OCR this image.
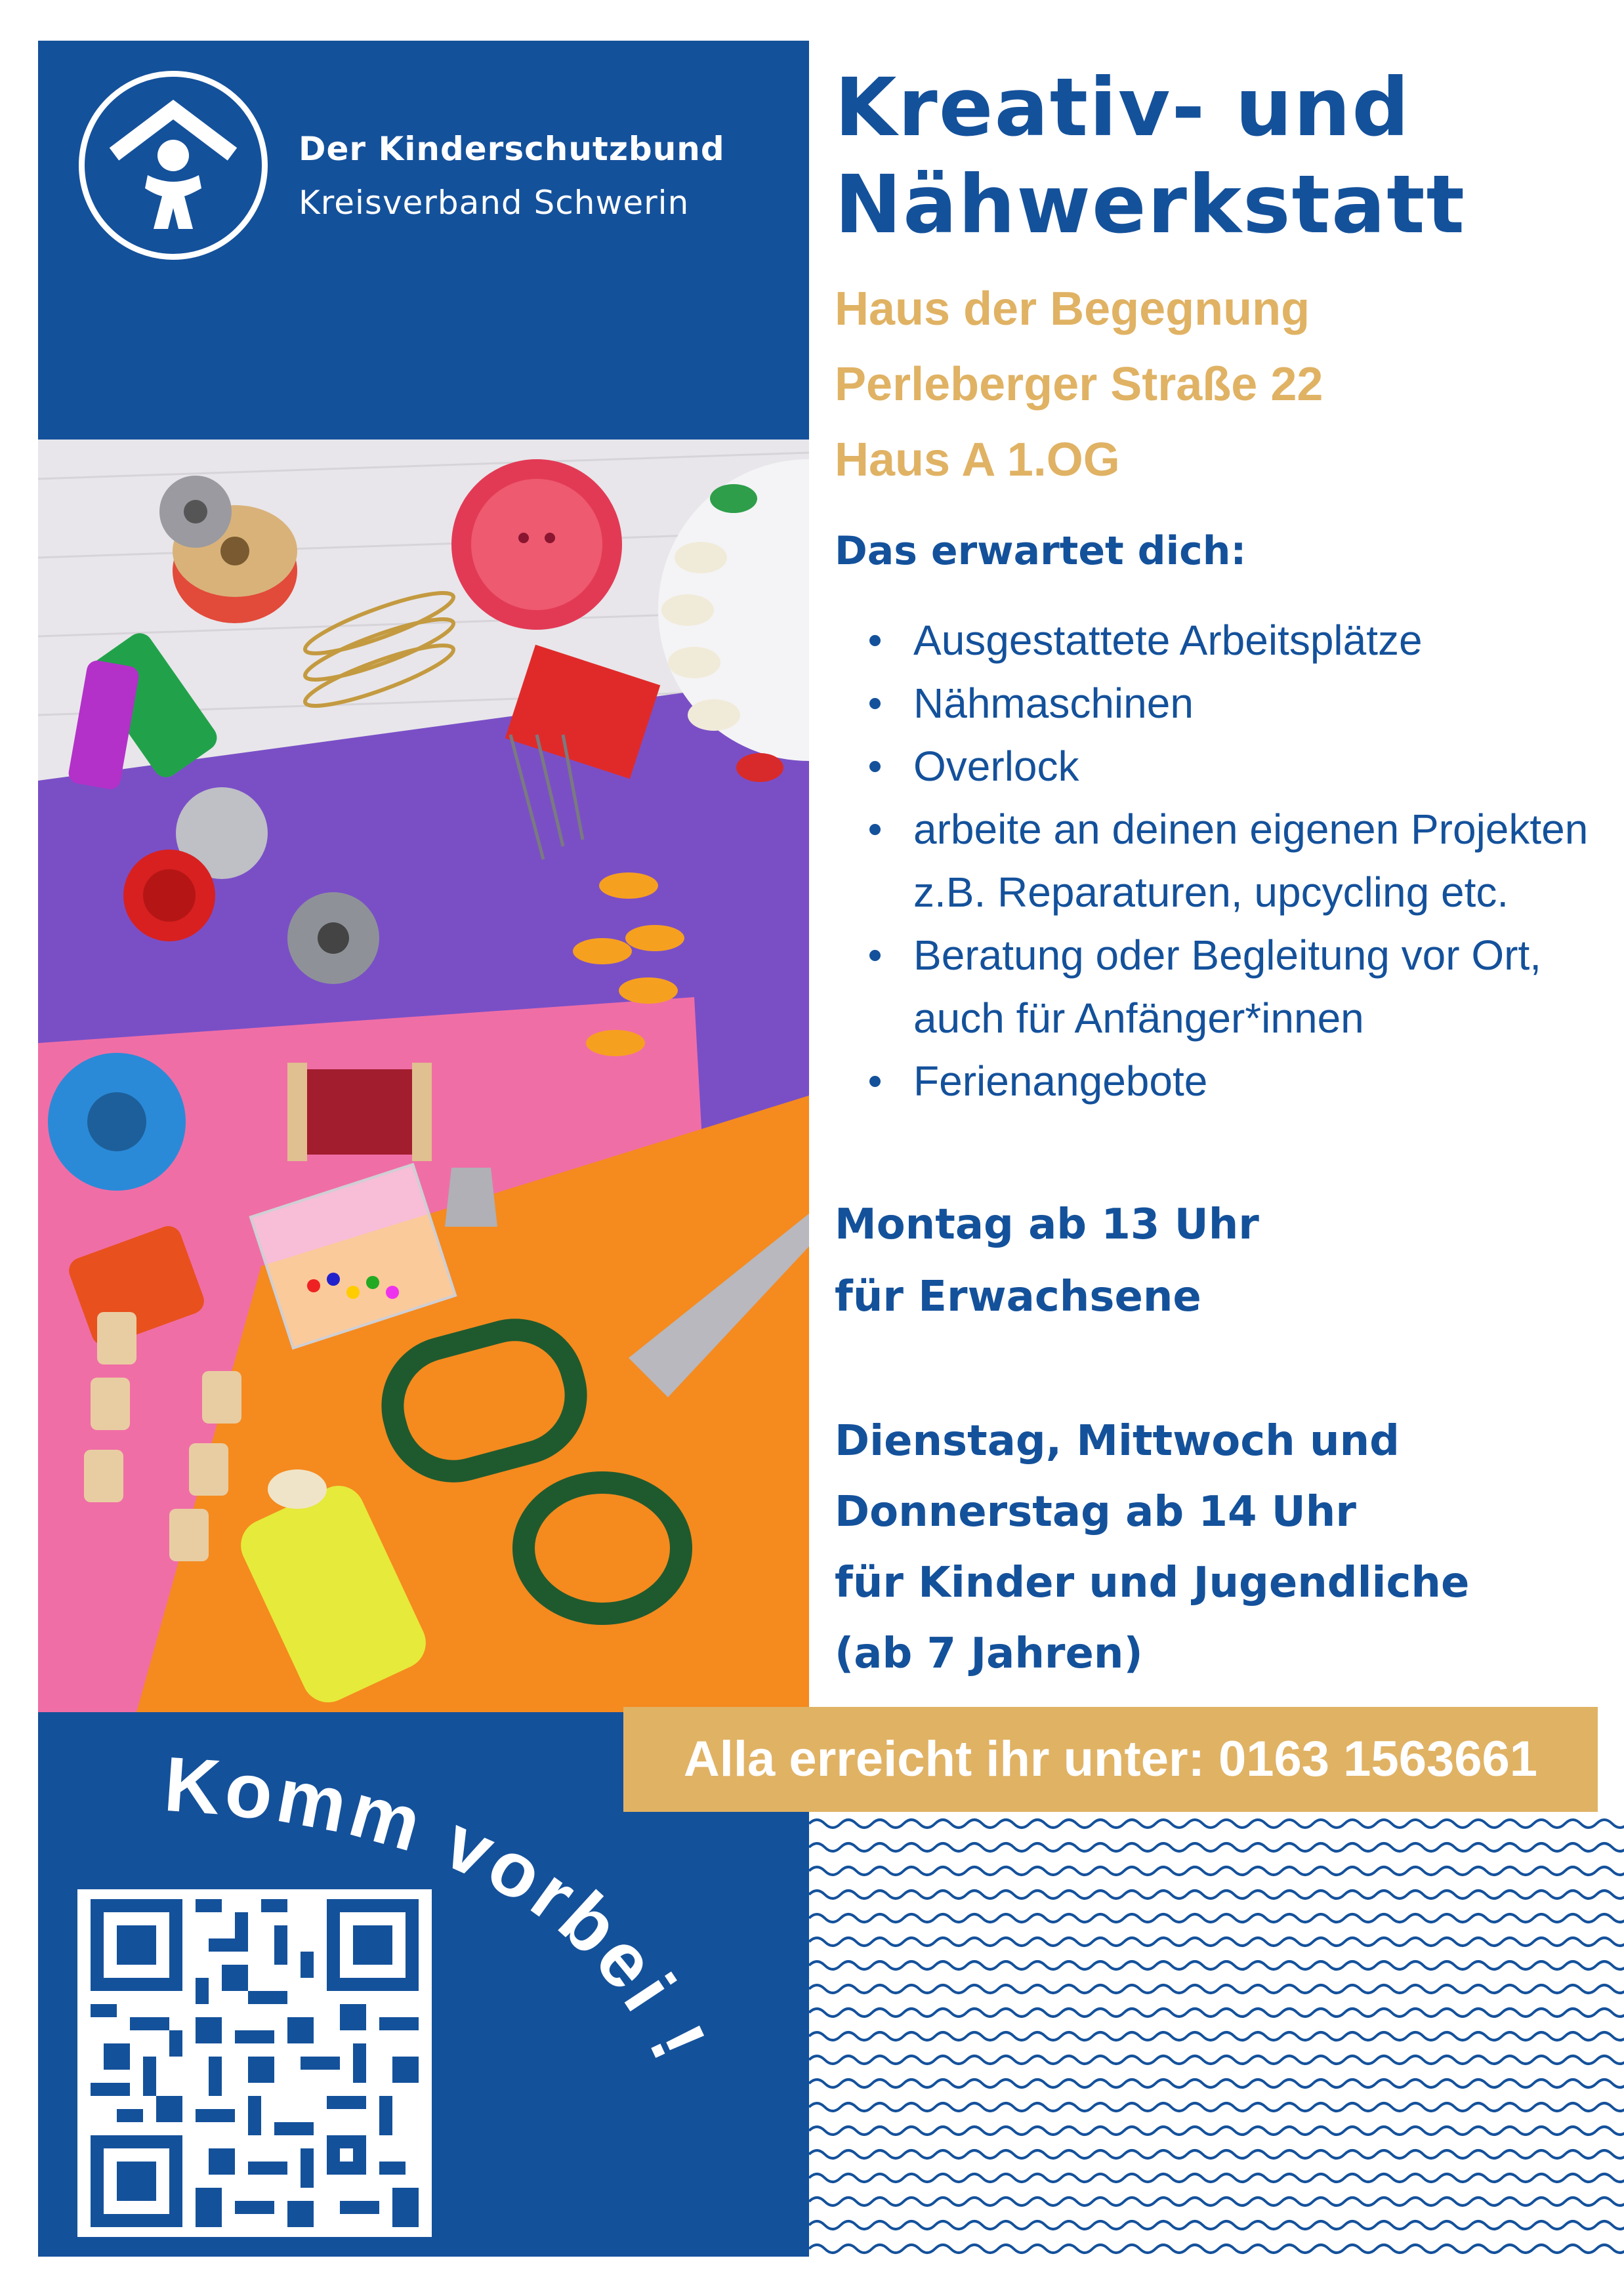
Der Kinderschutzbund
Kreisverband Schwerin
Komm vorbei !
Kreativ- und
Nähwerkstatt
Haus der Begegnung
Perleberger Straße 22
Haus A 1.OG
Das erwartet dich:
Ausgestattete Arbeitsplätze
Nähmaschinen
Overlock
arbeite an deinen eigenen Projekten z.B. Reparaturen, upcycling etc.
Beratung oder Begleitung vor Ort, auch für Anfänger*innen
Ferienangebote
Montag ab 13 Uhr
für Erwachsene
Dienstag, Mittwoch und
Donnerstag ab 14 Uhr
für Kinder und Jugendliche
(ab 7 Jahren)
Alla erreicht ihr unter: 0163 1563661
